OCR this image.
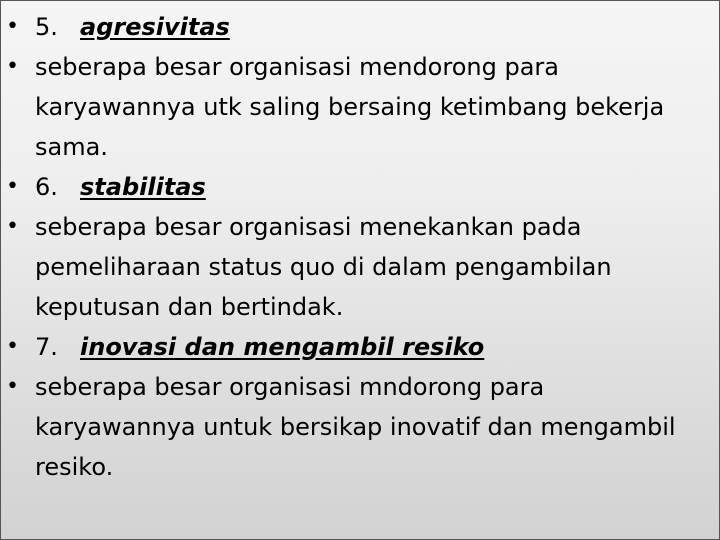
• 5. agresivitas
• seberapa besar organisasi mendorong para karyawannya utk saling bersaing ketimbang bekerja sama.
• 6. stabilitas
• seberapa besar organisasi menekankan pada pemeliharaan status quo di dalam pengambilan keputusan dan bertindak.
• 7. inovasi dan mengambil resiko
• seberapa besar organisasi mndorong para karyawannya untuk bersikap inovatif dan mengambil resiko.
